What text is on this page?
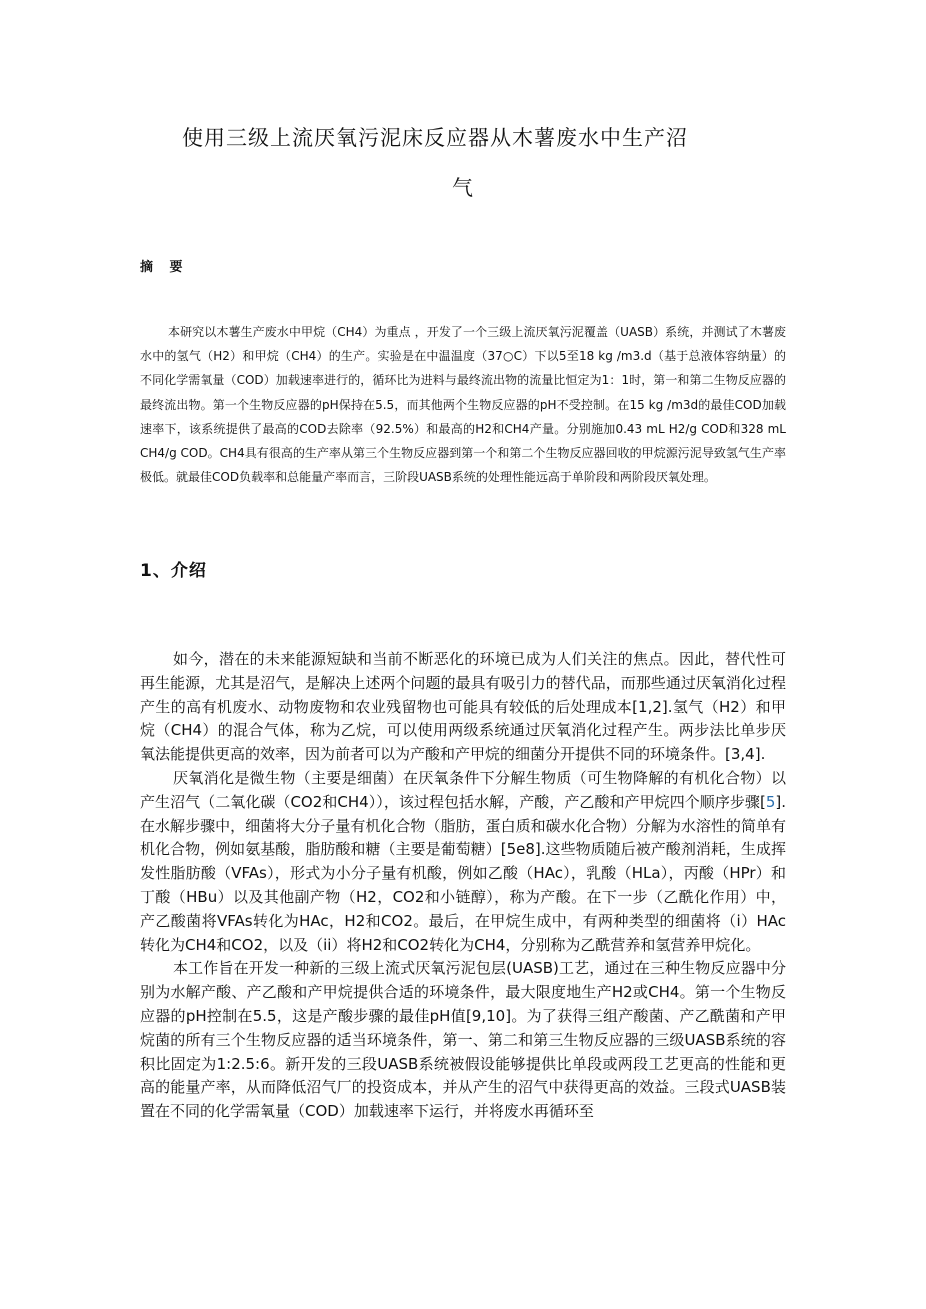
使用三级上流厌氧污泥床反应器从木薯废水中生产沼
气
摘 要

本研究以木薯生产废水中甲烷（CH4）为重点 ，开发了一个三级上流厌氧污泥覆盖（UASB）系统，并测试了木薯废水中的氢气（H2）和甲烷（CH4）的生产。实验是在中温温度（37○C）下以5至18 kg /m3.d（基于总液体容纳量）的不同化学需氧量（COD）加载速率进行的，循环比为进料与最终流出物的流量比恒定为1：1时，第一和第二生物反应器的最终流出物。第一个生物反应器的pH保持在5.5，而其他两个生物反应器的pH不受控制。在15 kg /m3d的最佳COD加载速率下，该系统提供了最高的COD去除率（92.5%）和最高的H2和CH4产量。分别施加0.43 mL H2/g COD和328 mL CH4/g COD。CH4具有很高的生产率从第三个生物反应器到第一个和第二个生物反应器回收的甲烷源污泥导致氢气生产率极低。就最佳COD负载率和总能量产率而言，三阶段UASB系统的处理性能远高于单阶段和两阶段厌氧处理。

1、介绍

如今，潜在的未来能源短缺和当前不断恶化的环境已成为人们关注的焦点。因此，替代性可再生能源，尤其是沼气，是解决上述两个问题的最具有吸引力的替代品，而那些通过厌氧消化过程产生的高有机废水、动物废物和农业残留物也可能具有较低的后处理成本[1,2].氢气（H2）和甲烷（CH4）的混合气体，称为乙烷，可以使用两级系统通过厌氧消化过程产生。两步法比单步厌氧法能提供更高的效率，因为前者可以为产酸和产甲烷的细菌分开提供不同的环境条件。[3,4].

厌氧消化是微生物（主要是细菌）在厌氧条件下分解生物质（可生物降解的有机化合物）以产生沼气（二氧化碳（CO2和CH4）），该过程包括水解，产酸，产乙酸和产甲烷四个顺序步骤[5].在水解步骤中，细菌将大分子量有机化合物（脂肪，蛋白质和碳水化合物）分解为水溶性的简单有机化合物，例如氨基酸，脂肪酸和糖（主要是葡萄糖）[5e8].这些物质随后被产酸剂消耗，生成挥发性脂肪酸（VFAs），形式为小分子量有机酸，例如乙酸（HAc），乳酸（HLa），丙酸（HPr）和丁酸（HBu）以及其他副产物（H2，CO2和小链醇），称为产酸。在下一步（乙酰化作用）中，产乙酸菌将VFAs转化为HAc，H2和CO2。最后，在甲烷生成中，有两种类型的细菌将（i）HAc转化为CH4和CO2，以及（ii）将H2和CO2转化为CH4，分别称为乙酰营养和氢营养甲烷化。

本工作旨在开发一种新的三级上流式厌氧污泥包层(UASB)工艺，通过在三种生物反应器中分别为水解产酸、产乙酸和产甲烷提供合适的环境条件，最大限度地生产H2或CH4。第一个生物反应器的pH控制在5.5，这是产酸步骤的最佳pH值[9,10]。为了获得三组产酸菌、产乙酰菌和产甲烷菌的所有三个生物反应器的适当环境条件，第一、第二和第三生物反应器的三级UASB系统的容积比固定为1:2.5:6。新开发的三段UASB系统被假设能够提供比单段或两段工艺更高的性能和更高的能量产率，从而降低沼气厂的投资成本，并从产生的沼气中获得更高的效益。三段式UASB装置在不同的化学需氧量（COD）加载速率下运行，并将废水再循环至
